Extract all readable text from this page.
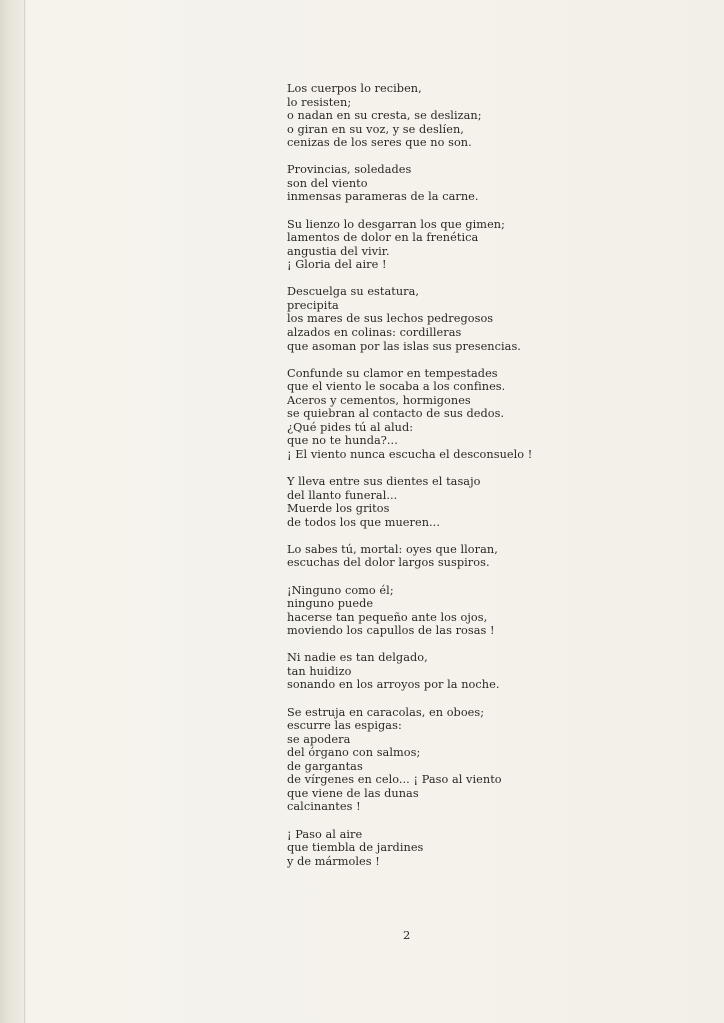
Los cuerpos lo reciben,
lo resisten;
o nadan en su cresta, se deslizan;
o giran en su voz, y se deslíen,
cenizas de los seres que no son.
Provincias, soledades
son del viento
inmensas parameras de la carne.
Su lienzo lo desgarran los que gimen;
lamentos de dolor en la frenética
angustia del vivir.
¡ Gloria del aire !
Descuelga su estatura,
precipita
los mares de sus lechos pedregosos
alzados en colinas: cordilleras
que asoman por las islas sus presencias.
Confunde su clamor en tempestades
que el viento le socaba a los confines.
Aceros y cementos, hormigones
se quiebran al contacto de sus dedos.
¿Qué pides tú al alud:
que no te hunda?...
¡ El viento nunca escucha el desconsuelo !
Y lleva entre sus dientes el tasajo
del llanto funeral...
Muerde los gritos
de todos los que mueren...
Lo sabes tú, mortal: oyes que lloran,
escuchas del dolor largos suspiros.
¡Ninguno como él;
ninguno puede
hacerse tan pequeño ante los ojos,
moviendo los capullos de las rosas !
Ni nadie es tan delgado,
tan huidizo
sonando en los arroyos por la noche.
Se estruja en caracolas, en oboes;
escurre las espigas:
se apodera
del órgano con salmos;
de gargantas
de vírgenes en celo... ¡ Paso al viento
que viene de las dunas
calcinantes !
¡ Paso al aire
que tiembla de jardines
y de mármoles !
2
